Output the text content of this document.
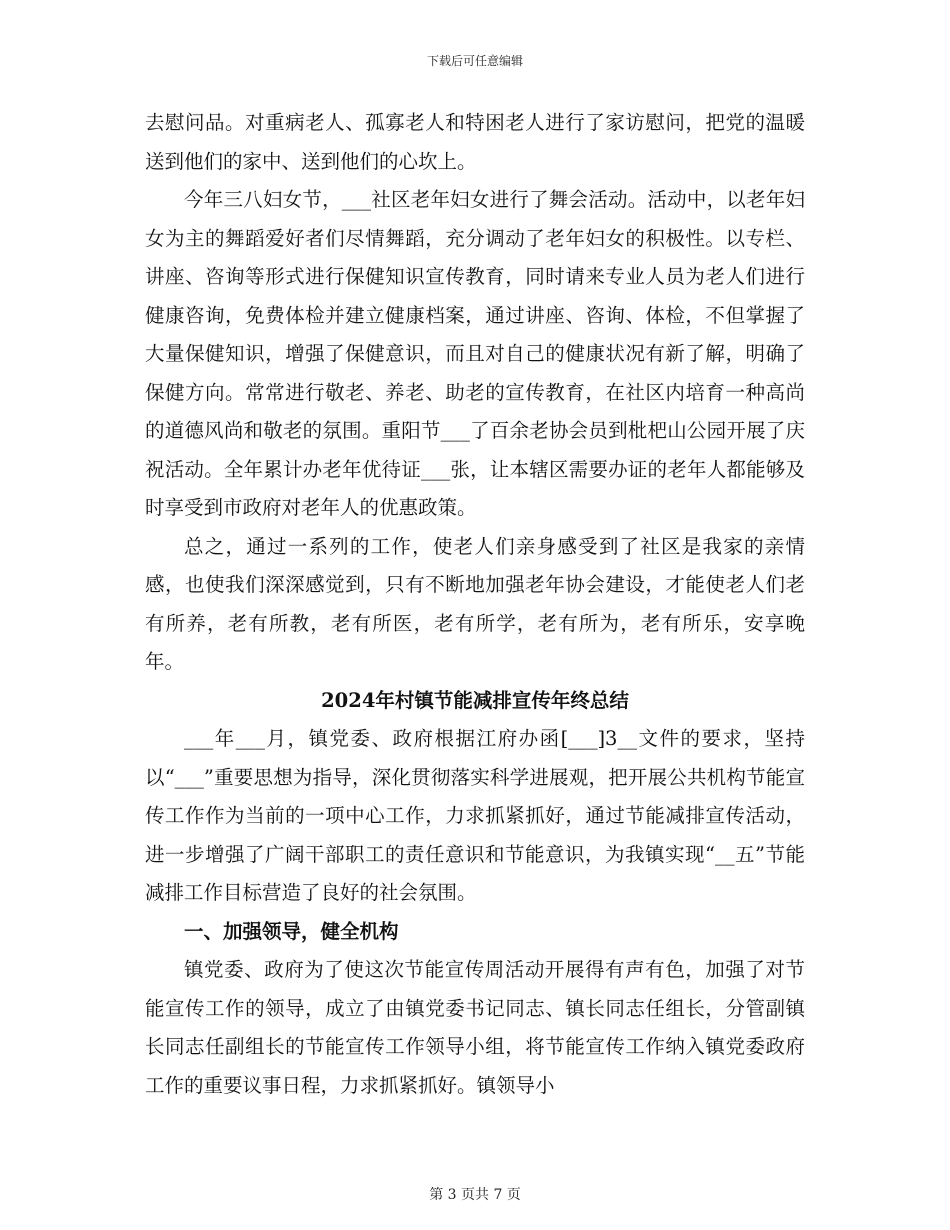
下载后可任意编辑

去慰问品。对重病老人、孤寡老人和特困老人进行了家访慰问，把党的温暖送到他们的家中、送到他们的心坎上。

今年三八妇女节，___社区老年妇女进行了舞会活动。活动中，以老年妇女为主的舞蹈爱好者们尽情舞蹈，充分调动了老年妇女的积极性。以专栏、讲座、咨询等形式进行保健知识宣传教育，同时请来专业人员为老人们进行健康咨询，免费体检并建立健康档案，通过讲座、咨询、体检，不但掌握了大量保健知识，增强了保健意识，而且对自己的健康状况有新了解，明确了保健方向。常常进行敬老、养老、助老的宣传教育，在社区内培育一种高尚的道德风尚和敬老的氛围。重阳节___了百余老协会员到枇杷山公园开展了庆祝活动。全年累计办老年优待证___张，让本辖区需要办证的老年人都能够及时享受到市政府对老年人的优惠政策。

总之，通过一系列的工作，使老人们亲身感受到了社区是我家的亲情感，也使我们深深感觉到，只有不断地加强老年协会建设，才能使老人们老有所养，老有所教，老有所医，老有所学，老有所为，老有所乐，安享晚年。

2024年村镇节能减排宣传年终总结

___年___月，镇党委、政府根据江府办函[___]3__文件的要求，坚持以“___”重要思想为指导，深化贯彻落实科学进展观，把开展公共机构节能宣传工作作为当前的一项中心工作，力求抓紧抓好，通过节能减排宣传活动，进一步增强了广阔干部职工的责任意识和节能意识，为我镇实现“__五”节能减排工作目标营造了良好的社会氛围。

一、加强领导，健全机构

镇党委、政府为了使这次节能宣传周活动开展得有声有色，加强了对节能宣传工作的领导，成立了由镇党委书记同志、镇长同志任组长，分管副镇长同志任副组长的节能宣传工作领导小组，将节能宣传工作纳入镇党委政府工作的重要议事日程，力求抓紧抓好。镇领导小

第 3 页共 7 页
